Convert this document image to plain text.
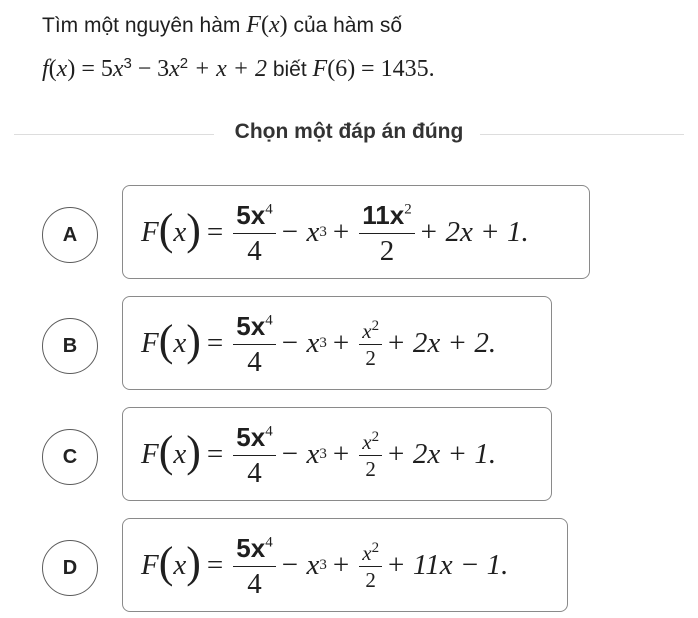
Tìm một nguyên hàm F(x) của hàm số
$f(x) = 5x^3 - 3x^2 + x + 2$ biết F(6) = 1435.
Chọn một đáp án đúng
A	F ( x ) = $\frac{5x^4}{4} - x$ $3 + \frac{11x^2}{2} + 2x + 1$.
B	F ( x ) = $\frac{5x^4}{4} - x$ $3 + \frac{x^2}{2} + 2x + 2$.
C	F ( x ) = $\frac{5x^4}{4} - x$ $3 + \frac{x^2}{2} + 2x + 1$.
D	F ( x ) = $\frac{5x^4}{4} - x$ $3 + \frac{x^2}{2} + 11x - 1$.
